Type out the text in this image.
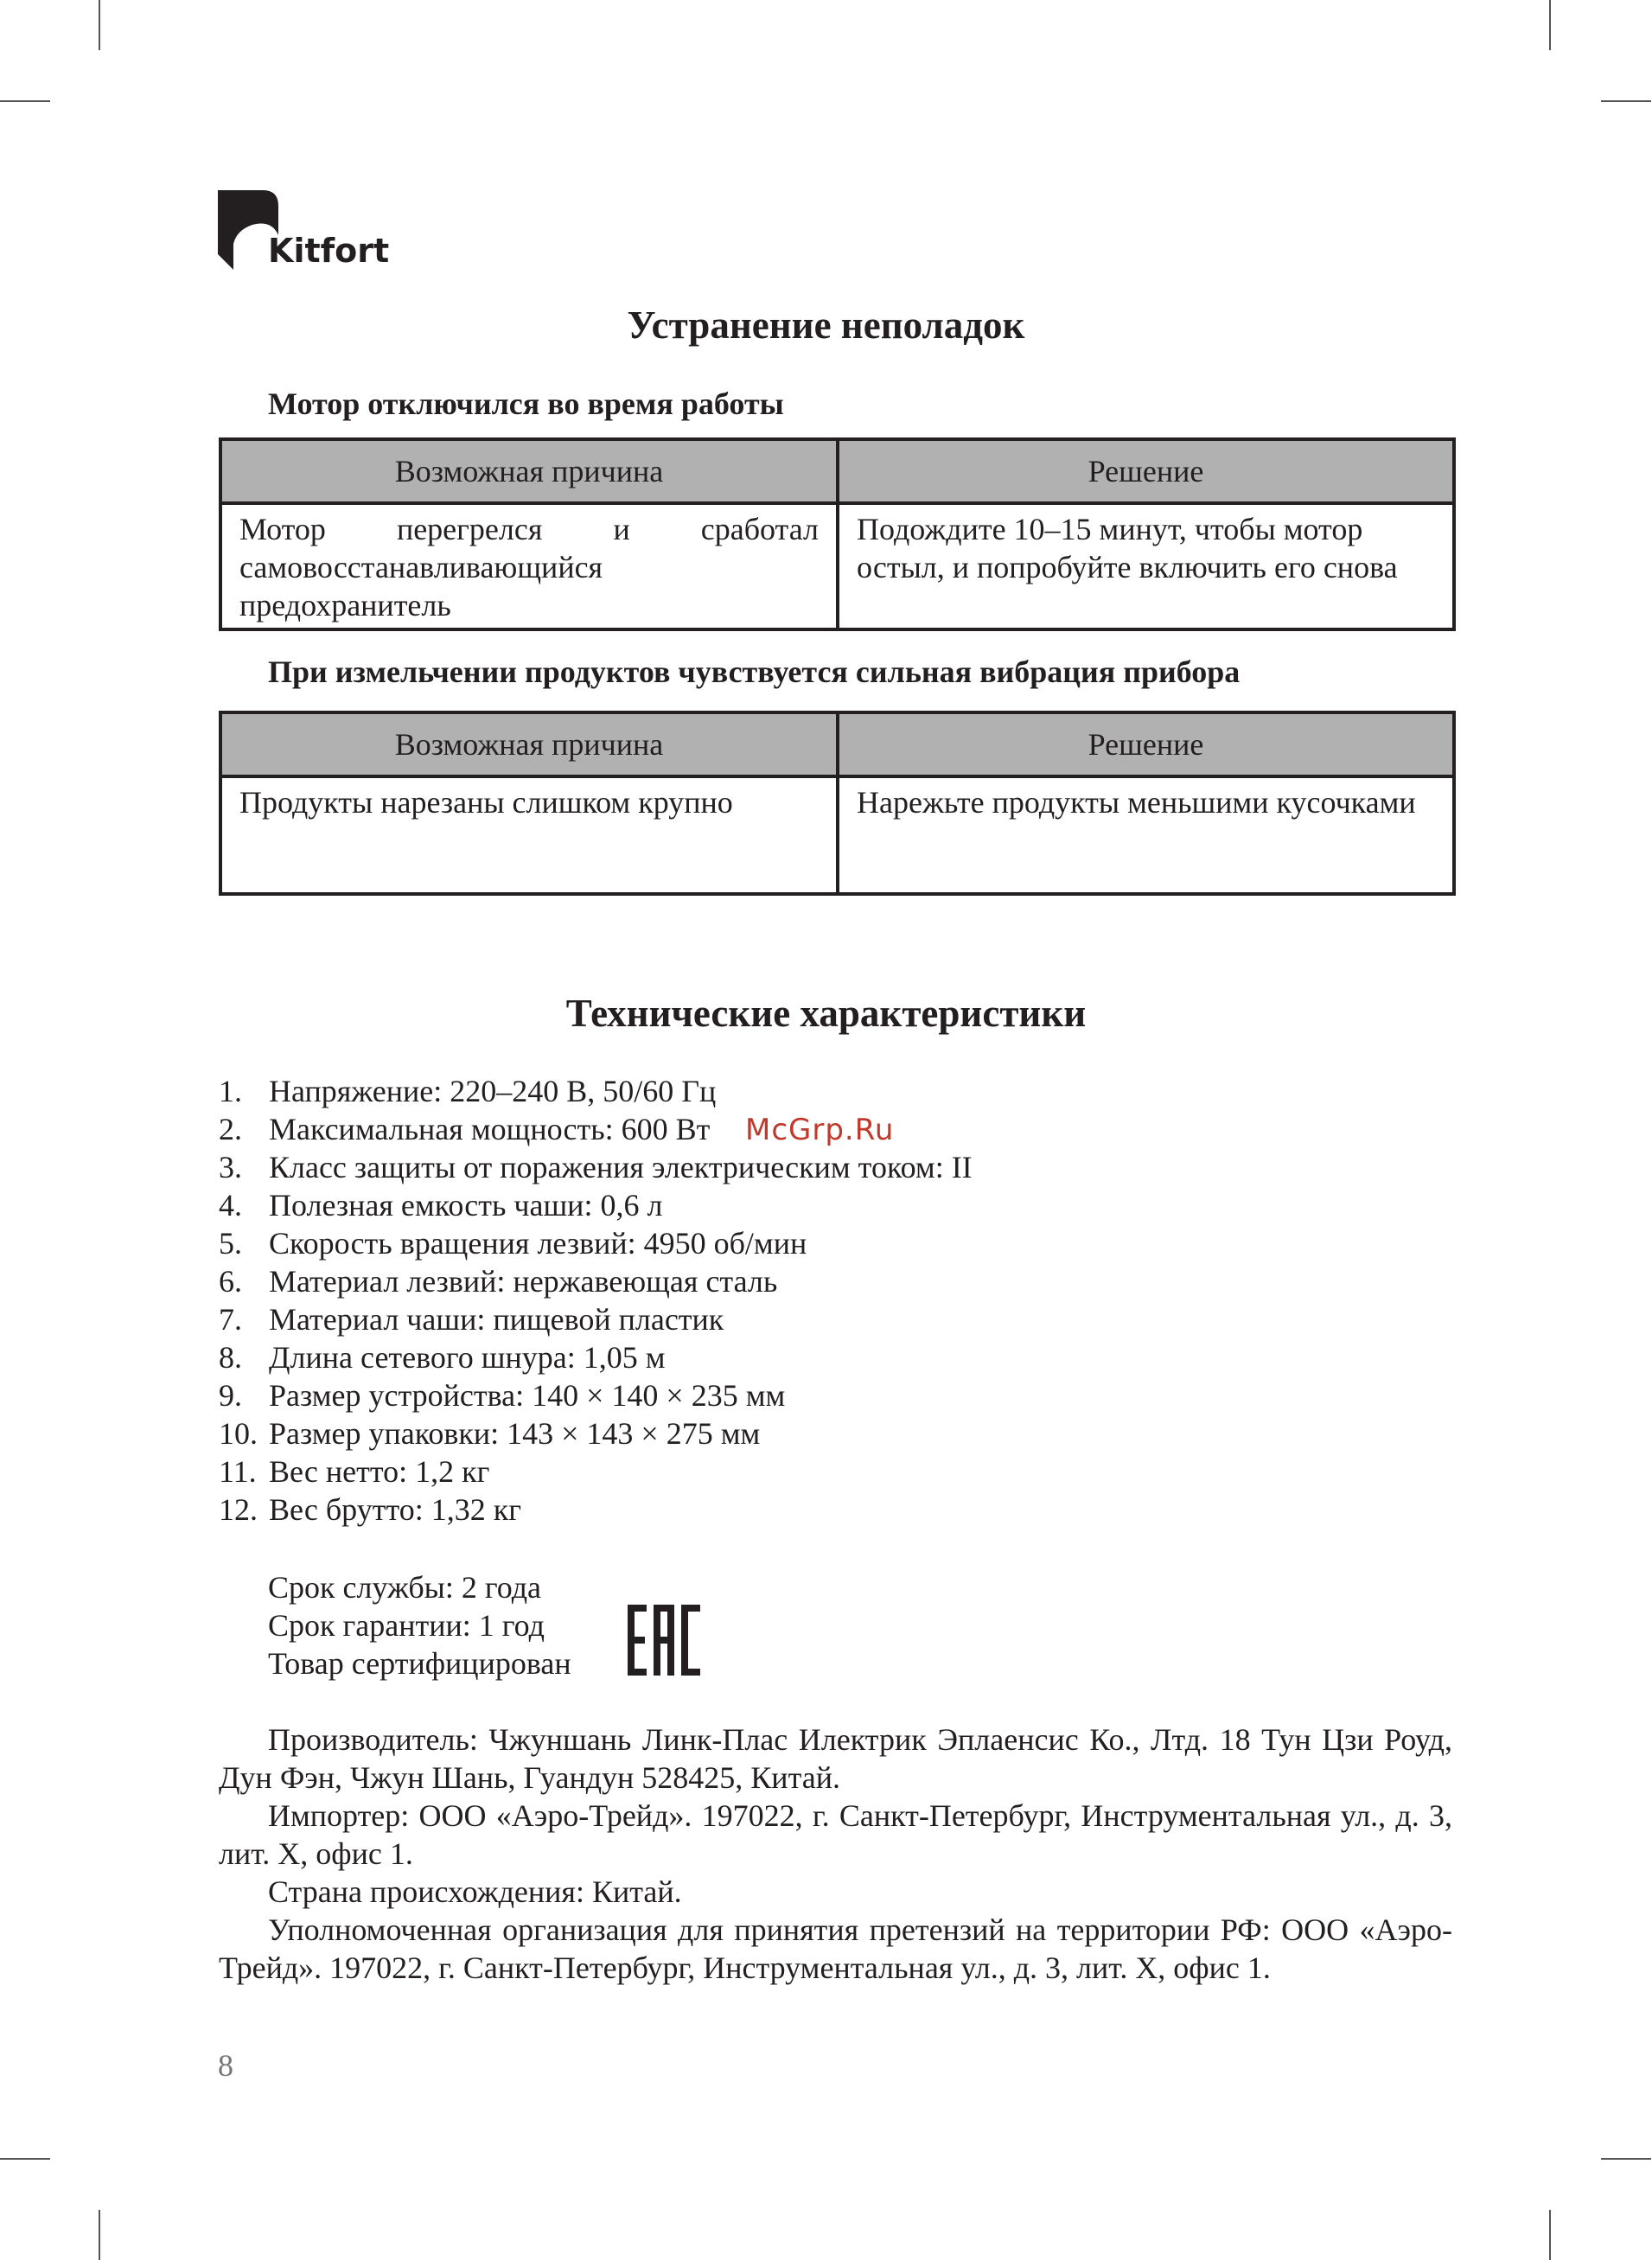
Kitfort
Устранение неполадок
Мотор отключился во время работы
Возможная причина	Решение
Мотор перегрелся и сработал самовосстанавливающийся предохранитель	Подождите 10–15 минут, чтобы мотор остыл, и попробуйте включить его снова
При измельчении продуктов чувствуется сильная вибрация прибора
Возможная причина	Решение
Продукты нарезаны слишком крупно	Нарежьте продукты меньшими кусочками
Технические характеристики
1. Напряжение: 220–240 В, 50/60 Гц
2. Максимальная мощность: 600 Вт
3. Класс защиты от поражения электрическим током: II
4. Полезная емкость чаши: 0,6 л
5. Скорость вращения лезвий: 4950 об/мин
6. Материал лезвий: нержавеющая сталь
7. Материал чаши: пищевой пластик
8. Длина сетевого шнура: 1,05 м
9. Размер устройства: 140 × 140 × 235 мм
10. Размер упаковки: 143 × 143 × 275 мм
11. Вес нетто: 1,2 кг
12. Вес брутто: 1,32 кг
McGrp.Ru
Срок службы: 2 года
Срок гарантии: 1 год
Товар сертифицирован

Производитель: Чжуншань Линк-Плас Илектрик Эплаенсис Ко., Лтд. 18 Тун Цзи Роуд, Дун Фэн, Чжун Шань, Гуандун 528425, Китай.

Импортер: ООО «Аэро-Трейд». 197022, г. Санкт-Петербург, Инструментальная ул., д. 3, лит. Х, офис 1.

Страна происхождения: Китай.

Уполномоченная организация для принятия претензий на территории РФ: ООО «Аэро-Трейд». 197022, г. Санкт-Петербург, Инструментальная ул., д. 3, лит. Х, офис 1.

8
